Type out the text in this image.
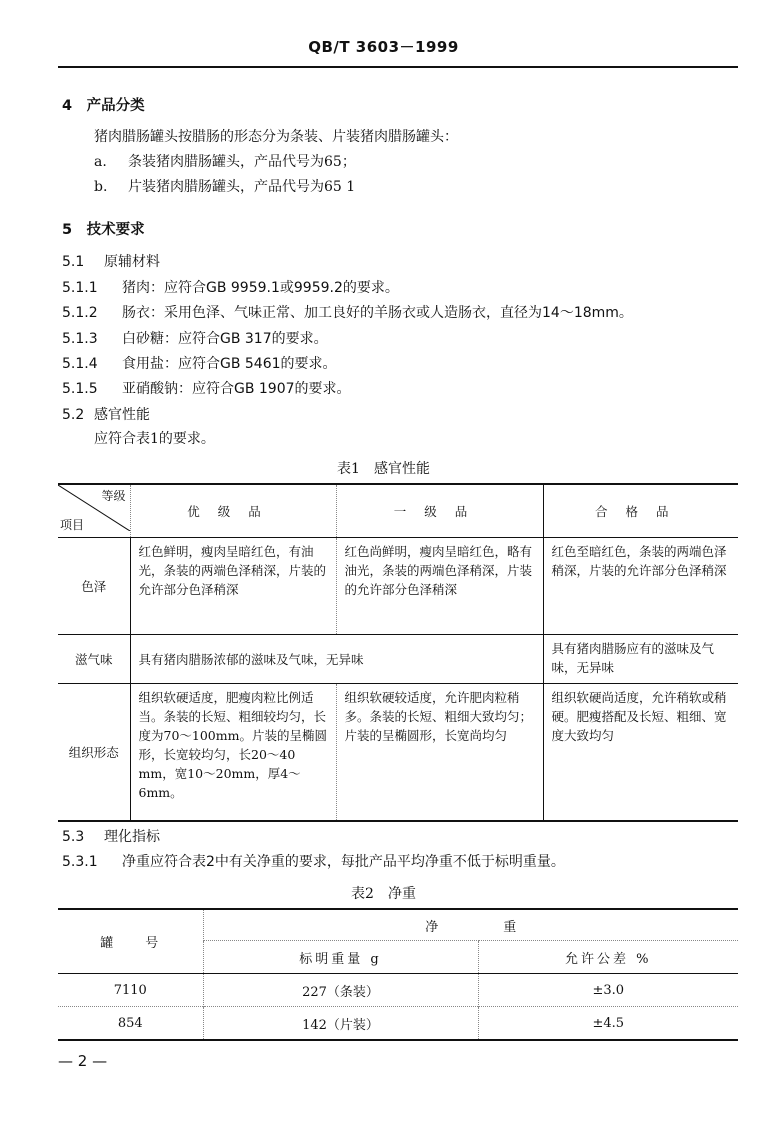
QB/T 3603－1999
4　产品分类
猪肉腊肠罐头按腊肠的形态分为条装、片装猪肉腊肠罐头：
a. 条装猪肉腊肠罐头，产品代号为65；
b. 片装猪肉腊肠罐头，产品代号为65 1
5　技术要求
5.1 原辅材料
5.1.1 猪肉：应符合GB 9959.1或9959.2的要求。
5.1.2 肠衣：采用色泽、气味正常、加工良好的羊肠衣或人造肠衣，直径为14～18mm。
5.1.3 白砂糖：应符合GB 317的要求。
5.1.4 食用盐：应符合GB 5461的要求。
5.1.5 亚硝酸钠：应符合GB 1907的要求。
5.2 感官性能
应符合表1的要求。
表1　感官性能
等级
项目	优级品	一级品	合格品
色泽	红色鲜明，瘦肉呈暗红色，有油光，条装的两端色泽稍深，片装的允许部分色泽稍深	红色尚鲜明，瘦肉呈暗红色，略有油光，条装的两端色泽稍深，片装的允许部分色泽稍深	红色至暗红色，条装的两端色泽稍深，片装的允许部分色泽稍深
滋气味	具有猪肉腊肠浓郁的滋味及气味，无异味		具有猪肉腊肠应有的滋味及气味，无异味
组织形态	组织软硬适度，肥瘦肉粒比例适当。条装的长短、粗细较均匀，长度为70～100mm。片装的呈椭圆形，长宽较均匀，长20～40 mm，宽10～20mm，厚4～6mm。	组织软硬较适度，允许肥肉粒稍多。条装的长短、粗细大致均匀；片装的呈椭圆形，长宽尚均匀	组织软硬尚适度，允许稍软或稍硬。肥瘦搭配及长短、粗细、宽度大致均匀
5.3 理化指标
5.3.1 净重应符合表2中有关净重的要求，每批产品平均净重不低于标明重量。
表2　净重
罐　　号	净　　　　　重	
	标明重量 g	允许公差 %
7110	227（条装）	±3.0
854	142（片装）	±4.5
— 2 —
